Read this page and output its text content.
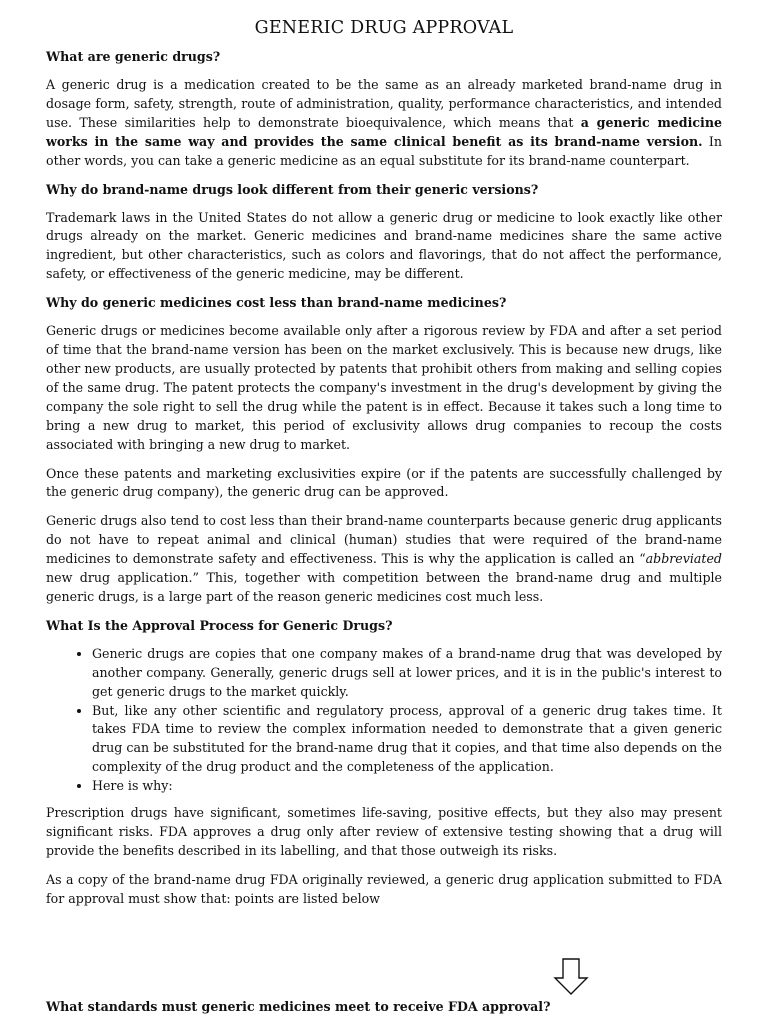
GENERIC DRUG APPROVAL
What are generic drugs?

A generic drug is a medication created to be the same as an already marketed brand-name drug in dosage form, safety, strength, route of administration, quality, performance characteristics, and intended use. These similarities help to demonstrate bioequivalence, which means that a generic medicine works in the same way and provides the same clinical benefit as its brand-name version. In other words, you can take a generic medicine as an equal substitute for its brand-name counterpart.

Why do brand-name drugs look different from their generic versions?

Trademark laws in the United States do not allow a generic drug or medicine to look exactly like other drugs already on the market. Generic medicines and brand-name medicines share the same active ingredient, but other characteristics, such as colors and flavorings, that do not affect the performance, safety, or effectiveness of the generic medicine, may be different.

Why do generic medicines cost less than brand-name medicines?

Generic drugs or medicines become available only after a rigorous review by FDA and after a set period of time that the brand-name version has been on the market exclusively. This is because new drugs, like other new products, are usually protected by patents that prohibit others from making and selling copies of the same drug. The patent protects the company's investment in the drug's development by giving the company the sole right to sell the drug while the patent is in effect. Because it takes such a long time to bring a new drug to market, this period of exclusivity allows drug companies to recoup the costs associated with bringing a new drug to market.

Once these patents and marketing exclusivities expire (or if the patents are successfully challenged by the generic drug company), the generic drug can be approved.

Generic drugs also tend to cost less than their brand-name counterparts because generic drug applicants do not have to repeat animal and clinical (human) studies that were required of the brand-name medicines to demonstrate safety and effectiveness. This is why the application is called an “abbreviated new drug application.” This, together with competition between the brand-name drug and multiple generic drugs, is a large part of the reason generic medicines cost much less.

What Is the Approval Process for Generic Drugs?
• Generic drugs are copies that one company makes of a brand-name drug that was developed by another company. Generally, generic drugs sell at lower prices, and it is in the public's interest to get generic drugs to the market quickly.
• But, like any other scientific and regulatory process, approval of a generic drug takes time. It takes FDA time to review the complex information needed to demonstrate that a given generic drug can be substituted for the brand-name drug that it copies, and that time also depends on the complexity of the drug product and the completeness of the application.
• Here is why:

Prescription drugs have significant, sometimes life-saving, positive effects, but they also may present significant risks. FDA approves a drug only after review of extensive testing showing that a drug will provide the benefits described in its labelling, and that those outweigh its risks.

As a copy of the brand-name drug FDA originally reviewed, a generic drug application submitted to FDA for approval must show that: points are listed below

What standards must generic medicines meet to receive FDA approval?
